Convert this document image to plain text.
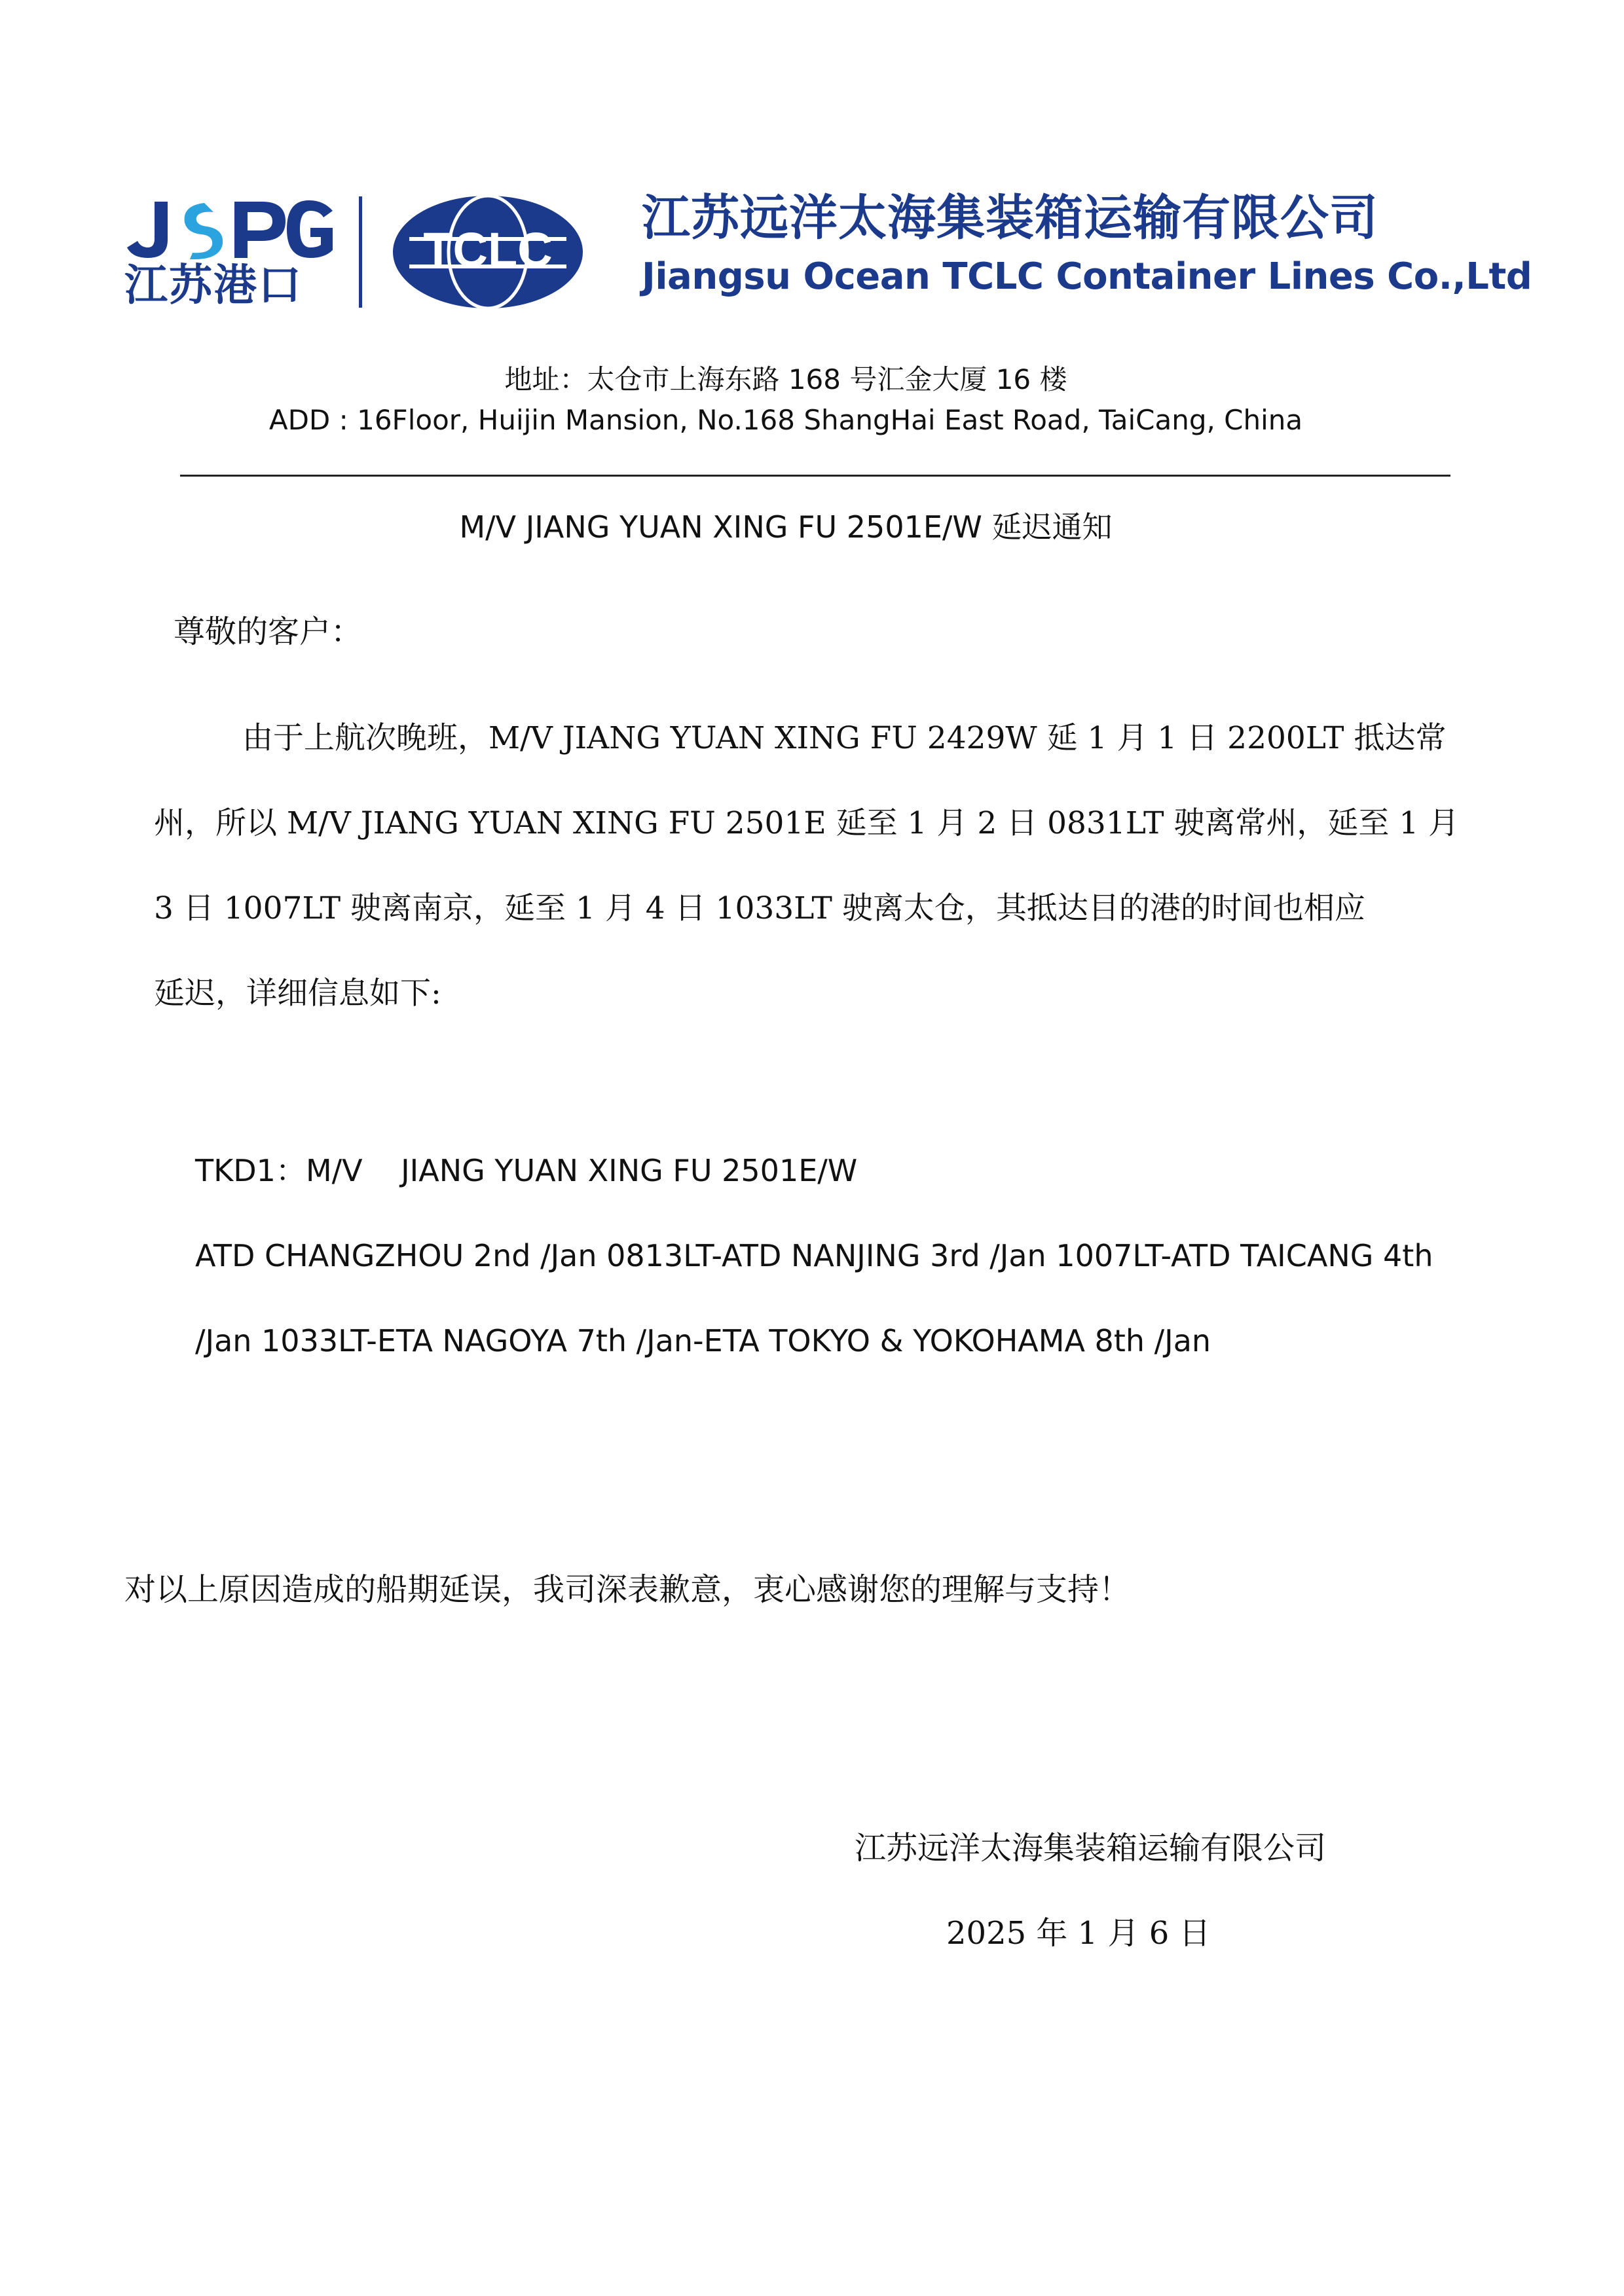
江苏港口
TCLC
江苏远洋太海集装箱运输有限公司
Jiangsu Ocean TCLC Container Lines Co.,Ltd
地址：太仓市上海东路 168 号汇金大厦 16 楼
ADD : 16Floor, Huijin Mansion, No.168 ShangHai East Road, TaiCang, China
M/V JIANG YUAN XING FU 2501E/W 延迟通知
尊敬的客户：
由于上航次晚班，M/V JIANG YUAN XING FU 2429W 延 1 月 1 日 2200LT 抵达常
州，所以 M/V JIANG YUAN XING FU 2501E 延至 1 月 2 日 0831LT 驶离常州，延至 1 月
3 日 1007LT 驶离南京，延至 1 月 4 日 1033LT 驶离太仓，其抵达目的港的时间也相应
延迟，详细信息如下:
TKD1：M/V    JIANG YUAN XING FU 2501E/W
ATD CHANGZHOU 2nd /Jan 0813LT-ATD NANJING 3rd /Jan 1007LT-ATD TAICANG 4th
/Jan 1033LT-ETA NAGOYA 7th /Jan-ETA TOKYO & YOKOHAMA 8th /Jan
对以上原因造成的船期延误，我司深表歉意，衷心感谢您的理解与支持！
江苏远洋太海集装箱运输有限公司
2025 年 1 月 6 日
